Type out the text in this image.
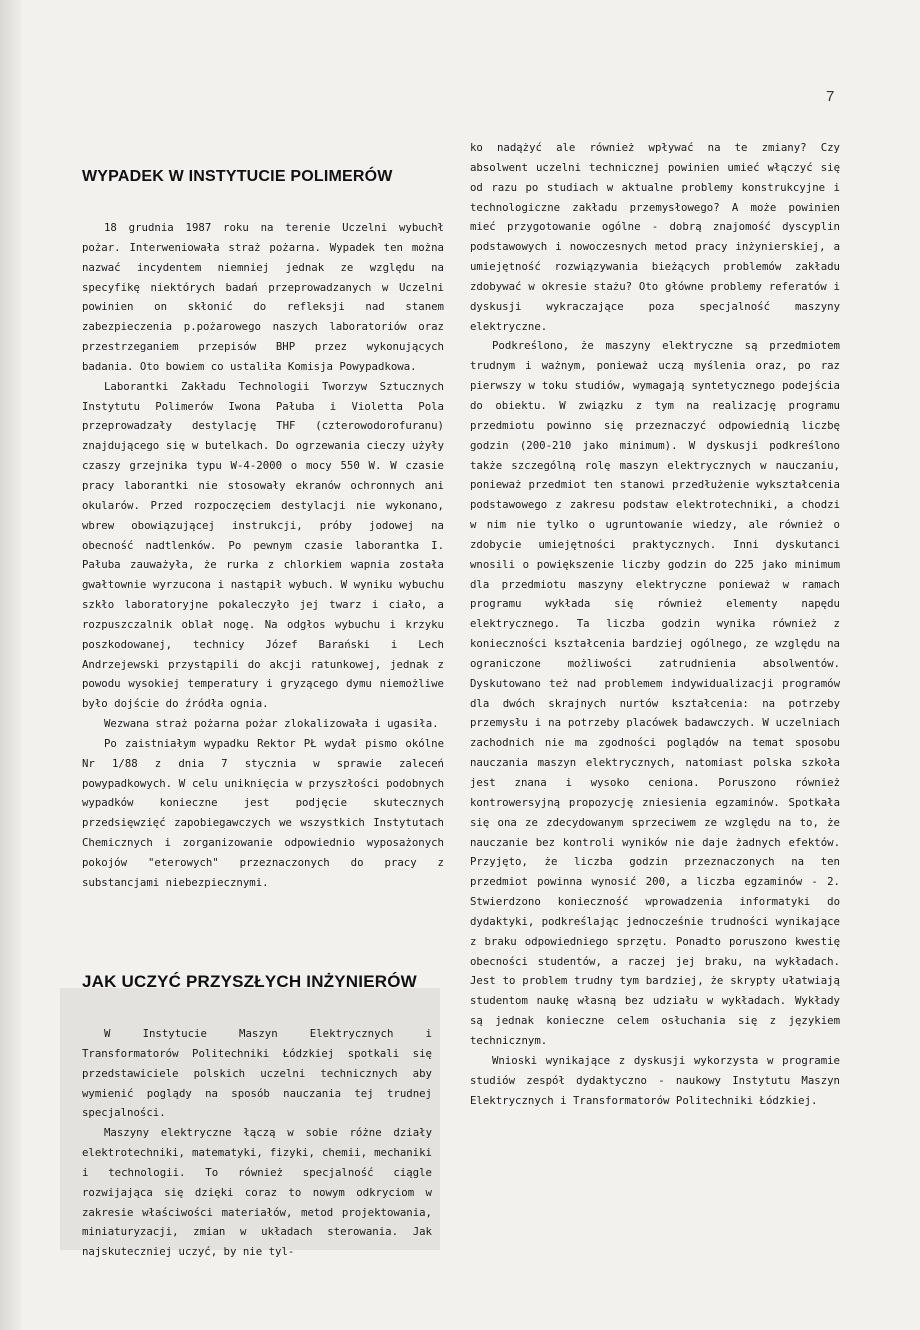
7
WYPADEK W INSTYTUCIE POLIMERÓW

18 grudnia 1987 roku na terenie Uczelni wybuchł pożar. Interweniowała straż pożarna. Wypadek ten można nazwać incydentem niemniej jednak ze względu na specyfikę niektórych badań przeprowadzanych w Uczelni powinien on skłonić do refleksji nad stanem zabezpieczenia p.pożarowego naszych laboratoriów oraz przestrzeganiem przepisów BHP przez wykonujących badania. Oto bowiem co ustaliła Komisja Powypadkowa.

Laborantki Zakładu Technologii Tworzyw Sztucznych Instytutu Polimerów Iwona Pałuba i Violetta Pola przeprowadzały destylację THF (czterowodorofuranu) znajdującego się w butelkach. Do ogrzewania cieczy użyły czaszy grzejnika typu W-4-2000 o mocy 550 W. W czasie pracy laborantki nie stosowały ekranów ochronnych ani okularów. Przed rozpoczęciem destylacji nie wykonano, wbrew obowiązującej instrukcji, próby jodowej na obecność nadtlenków. Po pewnym czasie laborantka I. Pałuba zauważyła, że rurka z chlorkiem wapnia została gwałtownie wyrzucona i nastąpił wybuch. W wyniku wybuchu szkło laboratoryjne pokaleczyło jej twarz i ciało, a rozpuszczalnik oblał nogę. Na odgłos wybuchu i krzyku poszkodowanej, technicy Józef Barański i Lech Andrzejewski przystąpili do akcji ratunkowej, jednak z powodu wysokiej temperatury i gryzącego dymu niemożliwe było dojście do źródła ognia.

Wezwana straż pożarna pożar zlokalizowała i ugasiła.

Po zaistniałym wypadku Rektor PŁ wydał pismo okólne Nr 1/88 z dnia 7 stycznia w sprawie zaleceń powypadkowych. W celu uniknięcia w przyszłości podobnych wypadków konieczne jest podjęcie skutecznych przedsięwzięć zapobiegawczych we wszystkich Instytutach Chemicznych i zorganizowanie odpowiednio wyposażonych pokojów "eterowych" przeznaczonych do pracy z substancjami niebezpiecznymi.

JAK UCZYĆ PRZYSZŁYCH INŻYNIERÓW

W Instytucie Maszyn Elektrycznych i Transformatorów Politechniki Łódzkiej spotkali się przedstawiciele polskich uczelni technicznych aby wymienić poglądy na sposób nauczania tej trudnej specjalności.

Maszyny elektryczne łączą w sobie różne działy elektrotechniki, matematyki, fizyki, chemii, mechaniki i technologii. To również specjalność ciągle rozwijająca się dzięki coraz to nowym odkryciom w zakresie właściwości materiałów, metod projektowania, miniaturyzacji, zmian w układach sterowania. Jak najskuteczniej uczyć, by nie tyl-

ko nadążyć ale również wpływać na te zmiany? Czy absolwent uczelni technicznej powinien umieć włączyć się od razu po studiach w aktualne problemy konstrukcyjne i technologiczne zakładu przemysłowego? A może powinien mieć przygotowanie ogólne - dobrą znajomość dyscyplin podstawowych i nowoczesnych metod pracy inżynierskiej, a umiejętność rozwiązywania bieżących problemów zakładu zdobywać w okresie stażu? Oto główne problemy referatów i dyskusji wykraczające poza specjalność maszyny elektryczne.

Podkreślono, że maszyny elektryczne są przedmiotem trudnym i ważnym, ponieważ uczą myślenia oraz, po raz pierwszy w toku studiów, wymagają syntetycznego podejścia do obiektu. W związku z tym na realizację programu przedmiotu powinno się przeznaczyć odpowiednią liczbę godzin (200-210 jako minimum). W dyskusji podkreślono także szczególną rolę maszyn elektrycznych w nauczaniu, ponieważ przedmiot ten stanowi przedłużenie wykształcenia podstawowego z zakresu podstaw elektrotechniki, a chodzi w nim nie tylko o ugruntowanie wiedzy, ale również o zdobycie umiejętności praktycznych. Inni dyskutanci wnosili o powiększenie liczby godzin do 225 jako minimum dla przedmiotu maszyny elektryczne ponieważ w ramach programu wykłada się również elementy napędu elektrycznego. Ta liczba godzin wynika również z konieczności kształcenia bardziej ogólnego, ze względu na ograniczone możliwości zatrudnienia absolwentów. Dyskutowano też nad problemem indywidualizacji programów dla dwóch skrajnych nurtów kształcenia: na potrzeby przemysłu i na potrzeby placówek badawczych. W uczelniach zachodnich nie ma zgodności poglądów na temat sposobu nauczania maszyn elektrycznych, natomiast polska szkoła jest znana i wysoko ceniona. Poruszono również kontrowersyjną propozycję zniesienia egzaminów. Spotkała się ona ze zdecydowanym sprzeciwem ze względu na to, że nauczanie bez kontroli wyników nie daje żadnych efektów. Przyjęto, że liczba godzin przeznaczonych na ten przedmiot powinna wynosić 200, a liczba egzaminów - 2. Stwierdzono konieczność wprowadzenia informatyki do dydaktyki, podkreślając jednocześnie trudności wynikające z braku odpowiedniego sprzętu. Ponadto poruszono kwestię obecności studentów, a raczej jej braku, na wykładach. Jest to problem trudny tym bardziej, że skrypty ułatwiają studentom naukę własną bez udziału w wykładach. Wykłady są jednak konieczne celem osłuchania się z językiem technicznym.

Wnioski wynikające z dyskusji wykorzysta w programie studiów zespół dydaktyczno - naukowy Instytutu Maszyn Elektrycznych i Transformatorów Politechniki Łódzkiej.
